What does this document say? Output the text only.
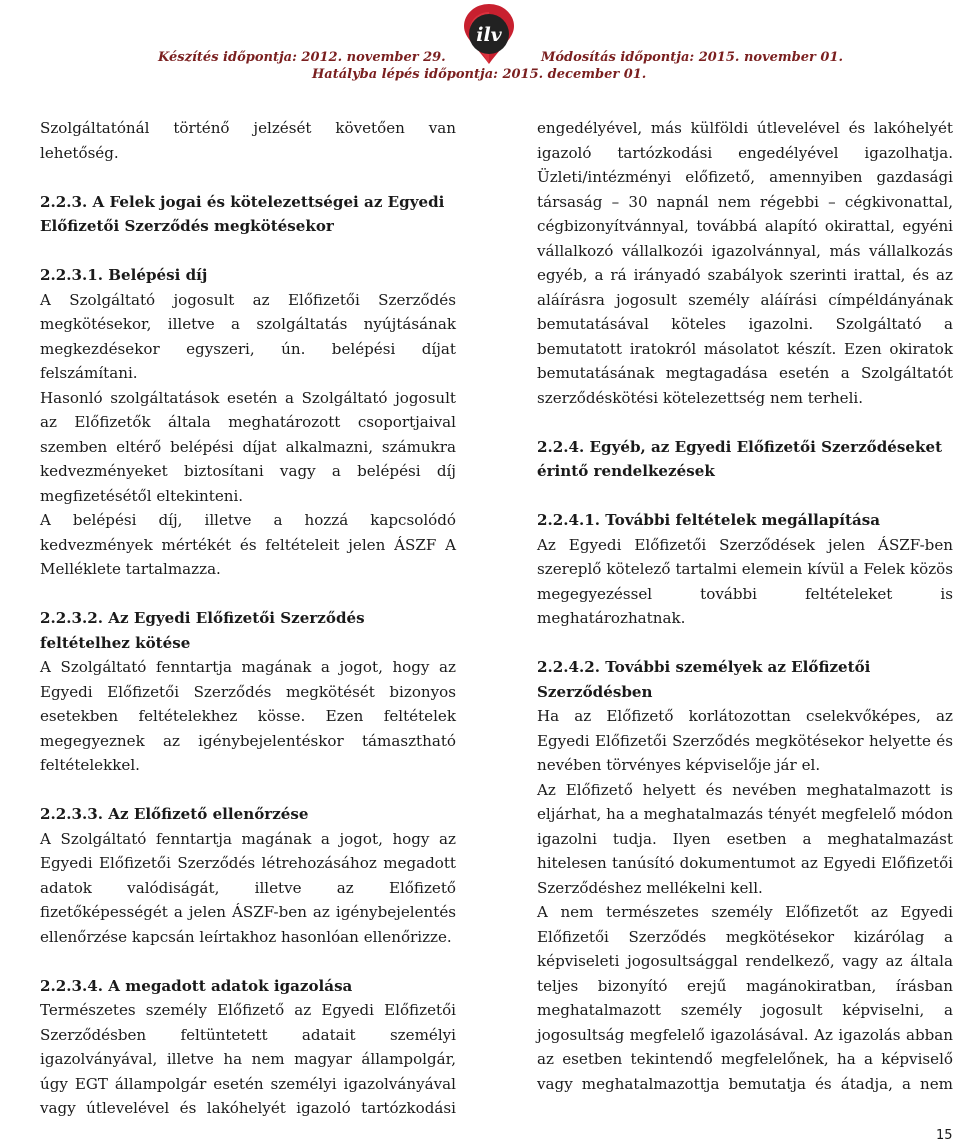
Készítés időpontja: 2012. november 29.	Módosítás időpontja: 2015. november 01.
Hatályba lépés időpontja: 2015. december 01.
ilv

Szolgáltatónál történő jelzését követően van lehetőség.

2.2.3. A Felek jogai és kötelezettségei az Egyedi Előfizetői Szerződés megkötésekor
2.2.3.1. Belépési díj

A Szolgáltató jogosult az Előfizetői Szerződés megkötésekor, illetve a szolgáltatás nyújtásának megkezdésekor egyszeri, ún. belépési díjat felszámítani.

Hasonló szolgáltatások esetén a Szolgáltató jogosult az Előfizetők általa meghatározott csoportjaival szemben eltérő belépési díjat alkalmazni, számukra kedvezményeket biztosítani vagy a belépési díj megfizetésétől eltekinteni.

A belépési díj, illetve a hozzá kapcsolódó kedvezmények mértékét és feltételeit jelen ÁSZF A Melléklete tartalmazza.

2.2.3.2. Az Egyedi Előfizetői Szerződés feltételhez kötése

A Szolgáltató fenntartja magának a jogot, hogy az Egyedi Előfizetői Szerződés megkötését bizonyos esetekben feltételekhez kösse. Ezen feltételek megegyeznek az igénybejelentéskor támasztható feltételekkel.

2.2.3.3. Az Előfizető ellenőrzése

A Szolgáltató fenntartja magának a jogot, hogy az Egyedi Előfizetői Szerződés létrehozásához megadott adatok valódiságát, illetve az Előfizető fizetőképességét a jelen ÁSZF-ben az igénybejelentés ellenőrzése kapcsán leírtakhoz hasonlóan ellenőrizze.

2.2.3.4. A megadott adatok igazolása

Természetes személy Előfizető az Egyedi Előfizetői Szerződésben feltüntetett adatait személyi igazolványával, illetve ha nem magyar állampolgár, úgy EGT állampolgár esetén személyi igazolványával vagy útlevelével és lakóhelyét igazoló tartózkodási

engedélyével, más külföldi útlevelével és lakóhelyét igazoló tartózkodási engedélyével igazolhatja. Üzleti/intézményi előfizető, amennyiben gazdasági társaság – 30 napnál nem régebbi – cégkivonattal, cégbizonyítvánnyal, továbbá alapító okirattal, egyéni vállalkozó vállalkozói igazolvánnyal, más vállalkozás egyéb, a rá irányadó szabályok szerinti irattal, és az aláírásra jogosult személy aláírási címpéldányának bemutatásával köteles igazolni. Szolgáltató a bemutatott iratokról másolatot készít. Ezen okiratok bemutatásának megtagadása esetén a Szolgáltatót szerződéskötési kötelezettség nem terheli.

2.2.4. Egyéb, az Egyedi Előfizetői Szerződéseket érintő rendelkezések
2.2.4.1. További feltételek megállapítása

Az Egyedi Előfizetői Szerződések jelen ÁSZF-ben szereplő kötelező tartalmi elemein kívül a Felek közös megegyezéssel további feltételeket is meghatározhatnak.

2.2.4.2. További személyek az Előfizetői Szerződésben

Ha az Előfizető korlátozottan cselekvőképes, az Egyedi Előfizetői Szerződés megkötésekor helyette és nevében törvényes képviselője jár el.

Az Előfizető helyett és nevében meghatalmazott is eljárhat, ha a meghatalmazás tényét megfelelő módon igazolni tudja. Ilyen esetben a meghatalmazást hitelesen tanúsító dokumentumot az Egyedi Előfizetői Szerződéshez mellékelni kell.

A nem természetes személy Előfizetőt az Egyedi Előfizetői Szerződés megkötésekor kizárólag a képviseleti jogosultsággal rendelkező, vagy az általa teljes bizonyító erejű magánokiratban, írásban meghatalmazott személy jogosult képviselni, a jogosultság megfelelő igazolásával. Az igazolás abban az esetben tekintendő megfelelőnek, ha a képviselő vagy meghatalmazottja bemutatja és átadja, a nem

15
